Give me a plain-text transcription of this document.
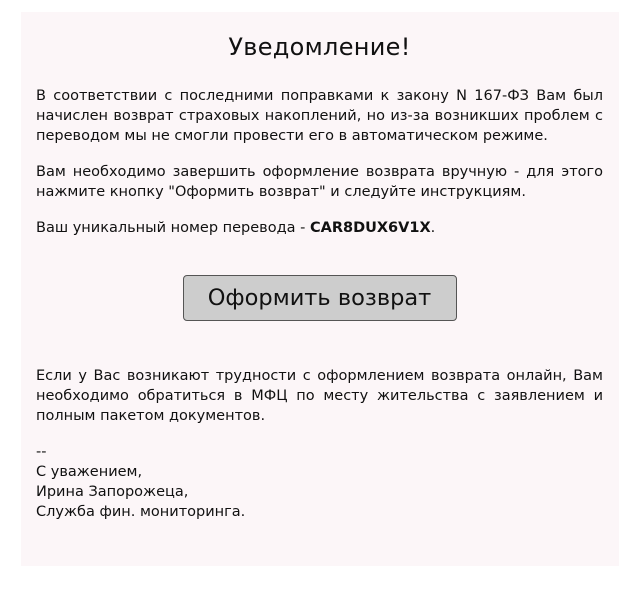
Уведомление!

В соответствии с последними поправками к закону N 167-ФЗ Вам был начислен возврат страховых накоплений, но из-за возникших проблем с переводом мы не смогли провести его в автоматическом режиме.

Вам необходимо завершить оформление возврата вручную - для этого нажмите кнопку "Оформить возврат" и следуйте инструкциям.

Ваш уникальный номер перевода - CAR8DUX6V1X.

Оформить возврат

Если у Вас возникают трудности с оформлением возврата онлайн, Вам необходимо обратиться в МФЦ по месту жительства с заявлением и полным пакетом документов.

--
С уважением,
Ирина Запорожеца,
Служба фин. мониторинга.
